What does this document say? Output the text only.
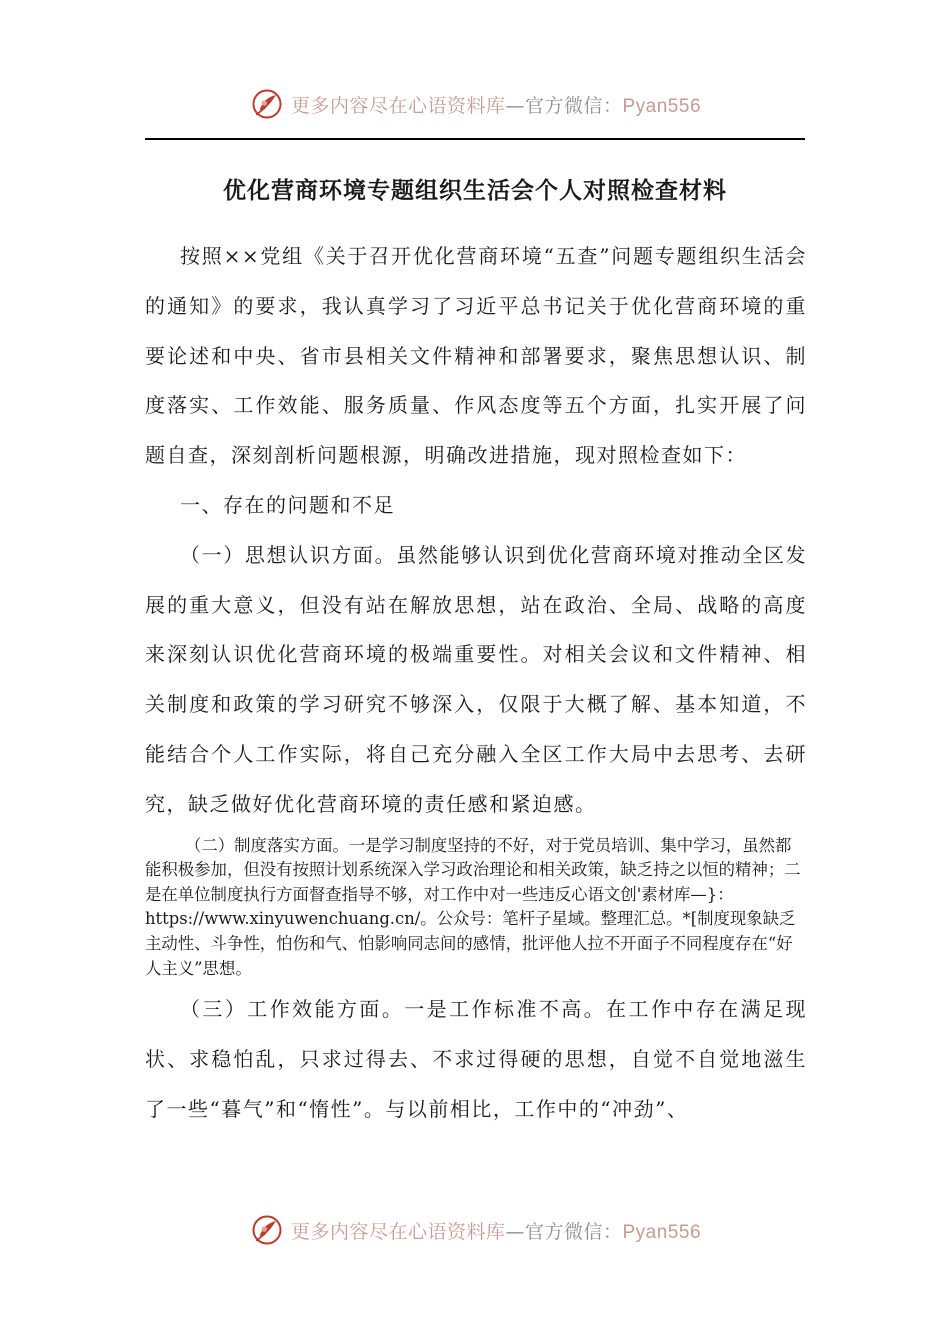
更多内容尽在心语资料库—官方微信：Pyan556
优化营商环境专题组织生活会个人对照检查材料

按照××党组《关于召开优化营商环境“五查”问题专题组织生活会的通知》的要求，我认真学习了习近平总书记关于优化营商环境的重要论述和中央、省市县相关文件精神和部署要求，聚焦思想认识、制度落实、工作效能、服务质量、作风态度等五个方面，扎实开展了问题自查，深刻剖析问题根源，明确改进措施，现对照检查如下：

一、存在的问题和不足

（一）思想认识方面。虽然能够认识到优化营商环境对推动全区发展的重大意义，但没有站在解放思想，站在政治、全局、战略的高度来深刻认识优化营商环境的极端重要性。对相关会议和文件精神、相关制度和政策的学习研究不够深入，仅限于大概了解、基本知道，不能结合个人工作实际，将自己充分融入全区工作大局中去思考、去研究，缺乏做好优化营商环境的责任感和紧迫感。

（二）制度落实方面。一是学习制度坚持的不好，对于党员培训、集中学习，虽然都能积极参加，但没有按照计划系统深入学习政治理论和相关政策，缺乏持之以恒的精神；二是在单位制度执行方面督查指导不够，对工作中对一些违反心语文创'素材库—}：https://www.xinyuwenchuang.cn/。公众号：笔杆子星域。整理汇总。*[制度现象缺乏主动性、斗争性，怕伤和气、怕影响同志间的感情，批评他人拉不开面子不同程度存在“好人主义”思想。

（三）工作效能方面。一是工作标准不高。在工作中存在满足现状、求稳怕乱，只求过得去、不求过得硬的思想，自觉不自觉地滋生了一些“暮气”和“惰性”。与以前相比，工作中的“冲劲”、

更多内容尽在心语资料库—官方微信：Pyan556
